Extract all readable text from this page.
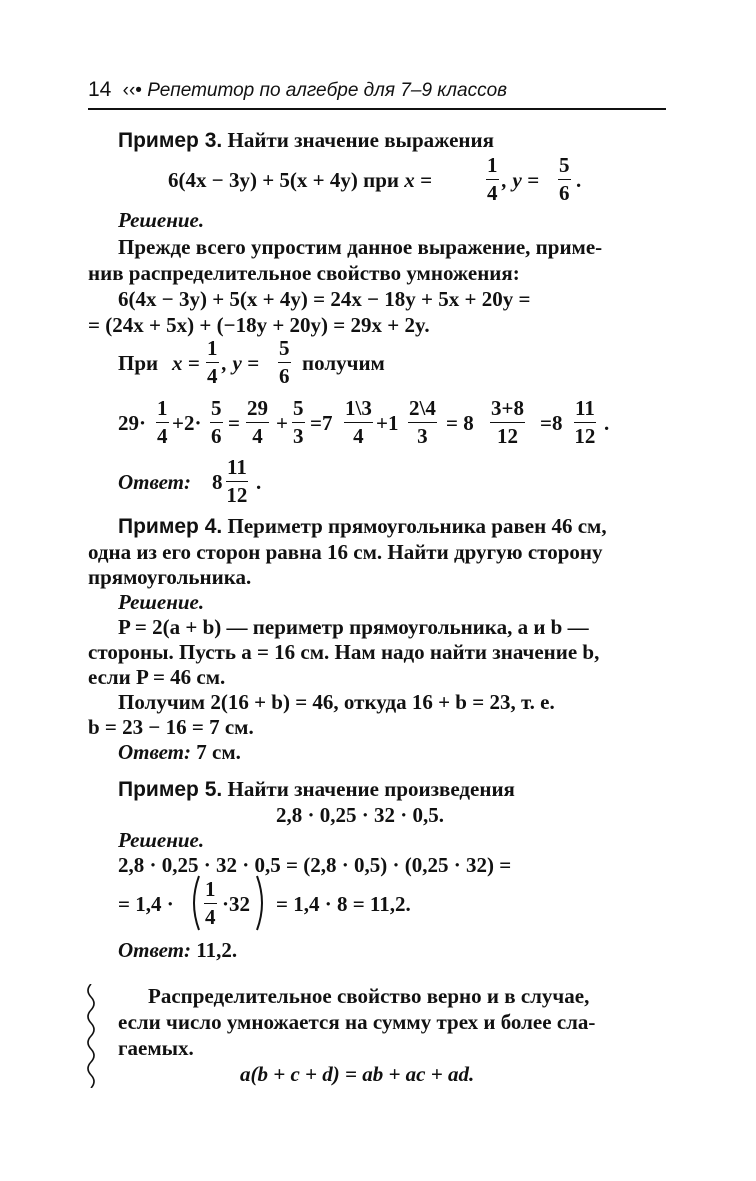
14 ‹‹• Репетитор по алгебре для 7–9 классов
Пример 3. Найти значение выражения
6(4x − 3y) + 5(x + 4y) при x =	$\frac{1}{4}$ , $y = \frac{5}{6}$ .
Решение.
Прежде всего упростим данное выражение, приме-
нив распределительное свойство умножения:
6(4x − 3y) + 5(x + 4y) = 24x − 18y + 5x + 20y =
= (24x + 5x) + (−18y + 20y) = 29x + 2y.
При $x = \frac{1}{4}$ , $y = \frac{5}{6}$ получим
$29\cdot \frac{1}{4} +2\cdot \frac{5}{6} = \frac{29}{4} + \frac{5}{3} =7 \frac{1\backslash 3}{4} +1 \frac{2\backslash 4}{3} = 8 \frac{3+8}{12} =8 \frac{11}{12}$ .
Ответ: $8 \frac{11}{12}$ .
Пример 4. Периметр прямоугольника равен 46 см,
одна из его сторон равна 16 см. Найти другую сторону
прямоугольника.
Решение.
P = 2(a + b) — периметр прямоугольника, a и b —
стороны. Пусть a = 16 см. Нам надо найти значение b,
если P = 46 см.
Получим 2(16 + b) = 46, откуда 16 + b = 23, т. е.
b = 23 − 16 = 7 см.
Ответ: 7 см.
Пример 5. Найти значение произведения
2,8 · 0,25 · 32 · 0,5.
Решение.
2,8 · 0,25 · 32 · 0,5 = (2,8 · 0,5) · (0,25 · 32) =
= $1,4 \cdot \frac{1}{4} \cdot 32 = 1,4 \cdot 8 = 11,2$.
Ответ: 11,2.
Распределительное свойство верно и в случае,
если число умножается на сумму трех и более сла-
гаемых.
a(b + c + d) = ab + ac + ad.
